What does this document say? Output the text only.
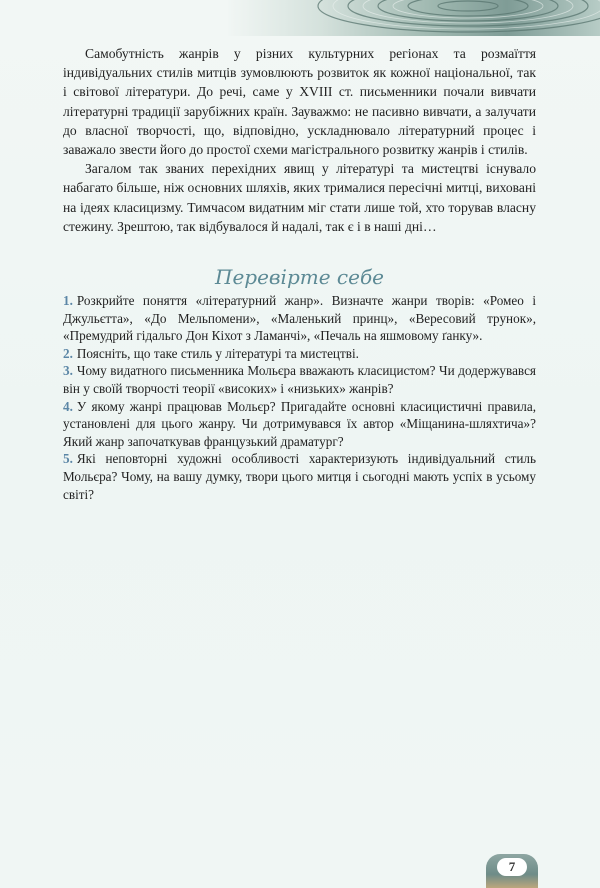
Самобутність жанрів у різних культурних регіонах та розмаїття індивідуальних стилів митців зумовлюють розвиток як кожної національної, так і світової літератури. До речі, саме у XVIII ст. письменники почали вивчати літературні традиції зарубіжних країн. Зауважмо: не пасивно вивчати, а залучати до власної творчості, що, відповідно, ускладнювало літературний процес і заважало звести його до простої схеми магістрального розвитку жанрів і стилів.

Загалом так званих перехідних явищ у літературі та мистецтві існувало набагато більше, ніж основних шляхів, яких трималися пересічні митці, виховані на ідеях класицизму. Тимчасом видатним міг стати лише той, хто торував власну стежину. Зрештою, так відбувалося й надалі, так є і в наші дні…

Перевірте себе

1. Розкрийте поняття «літературний жанр». Визначте жанри творів: «Ромео і Джульєтта», «До Мельпомени», «Маленький принц», «Вересовий трунок», «Премудрий гідальго Дон Кіхот з Ламанчі», «Печаль на яшмовому ґанку».

2. Поясніть, що таке стиль у літературі та мистецтві.

3. Чому видатного письменника Мольєра вважають класицистом? Чи додержувався він у своїй творчості теорії «високих» і «низьких» жанрів?

4. У якому жанрі працював Мольєр? Пригадайте основні класицистичні правила, установлені для цього жанру. Чи дотримувався їх автор «Міщанина-шляхтича»? Який жанр започаткував французький драматург?

5. Які неповторні художні особливості характеризують індивідуальний стиль Мольєра? Чому, на вашу думку, твори цього митця і сьогодні мають успіх в усьому світі?

7
